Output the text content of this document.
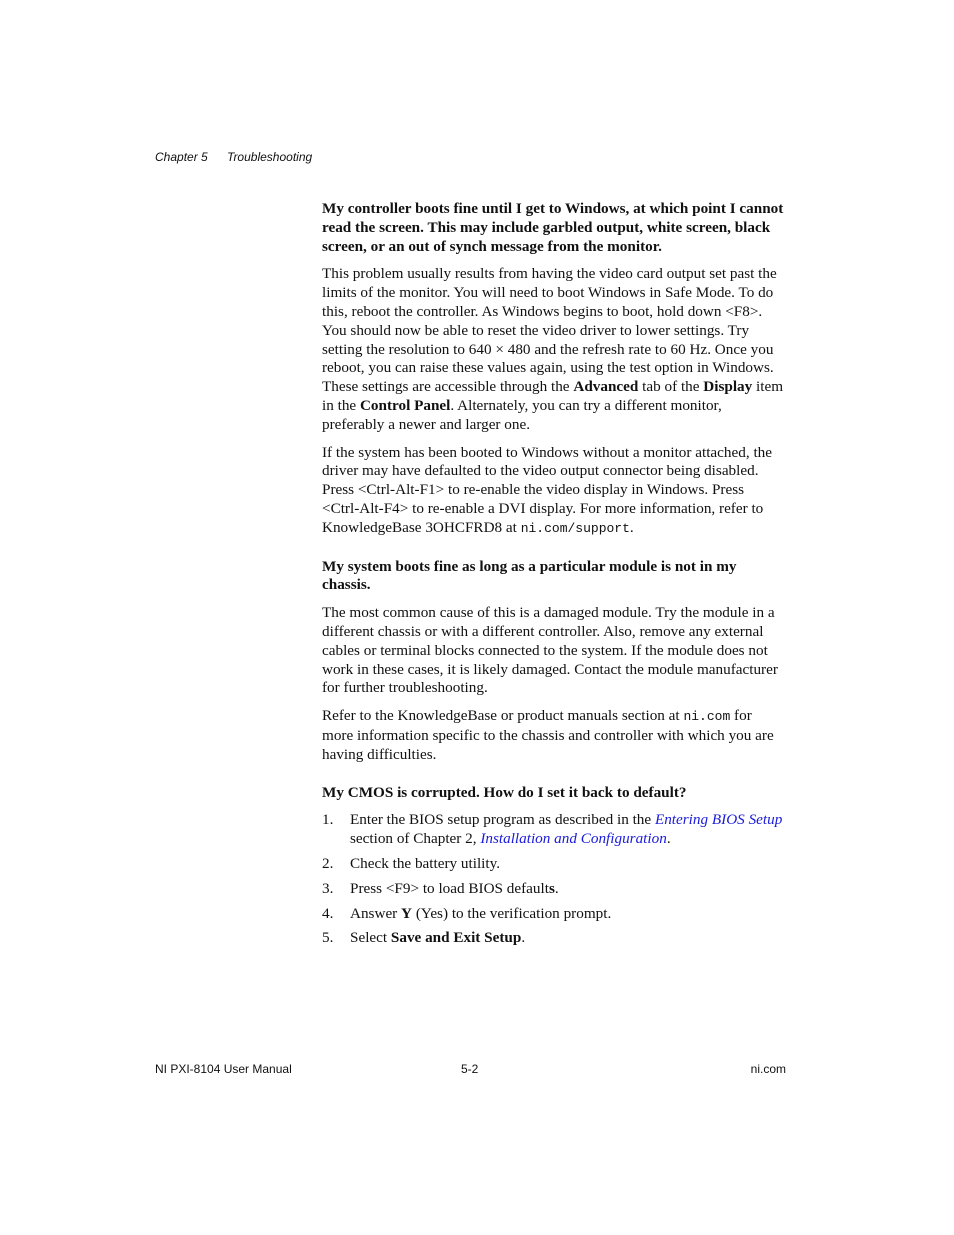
Chapter 5 Troubleshooting
My controller boots fine until I get to Windows, at which point I cannot read the screen. This may include garbled output, white screen, black screen, or an out of synch message from the monitor.
This problem usually results from having the video card output set past the limits of the monitor. You will need to boot Windows in Safe Mode. To do this, reboot the controller. As Windows begins to boot, hold down <F8>. You should now be able to reset the video driver to lower settings. Try setting the resolution to 640 × 480 and the refresh rate to 60 Hz. Once you reboot, you can raise these values again, using the test option in Windows. These settings are accessible through the Advanced tab of the Display item in the Control Panel. Alternately, you can try a different monitor, preferably a newer and larger one.
If the system has been booted to Windows without a monitor attached, the driver may have defaulted to the video output connector being disabled. Press <Ctrl-Alt-F1> to re-enable the video display in Windows. Press <Ctrl-Alt-F4> to re-enable a DVI display. For more information, refer to KnowledgeBase 3OHCFRD8 at ni.com/support.
My system boots fine as long as a particular module is not in my chassis.
The most common cause of this is a damaged module. Try the module in a different chassis or with a different controller. Also, remove any external cables or terminal blocks connected to the system. If the module does not work in these cases, it is likely damaged. Contact the module manufacturer for further troubleshooting.
Refer to the KnowledgeBase or product manuals section at ni.com for more information specific to the chassis and controller with which you are having difficulties.
My CMOS is corrupted. How do I set it back to default?
1. Enter the BIOS setup program as described in the Entering BIOS Setup section of Chapter 2, Installation and Configuration.
2. Check the battery utility.
3. Press <F9> to load BIOS defaults.
4. Answer Y (Yes) to the verification prompt.
5. Select Save and Exit Setup.
NI PXI-8104 User Manual	5-2	ni.com
